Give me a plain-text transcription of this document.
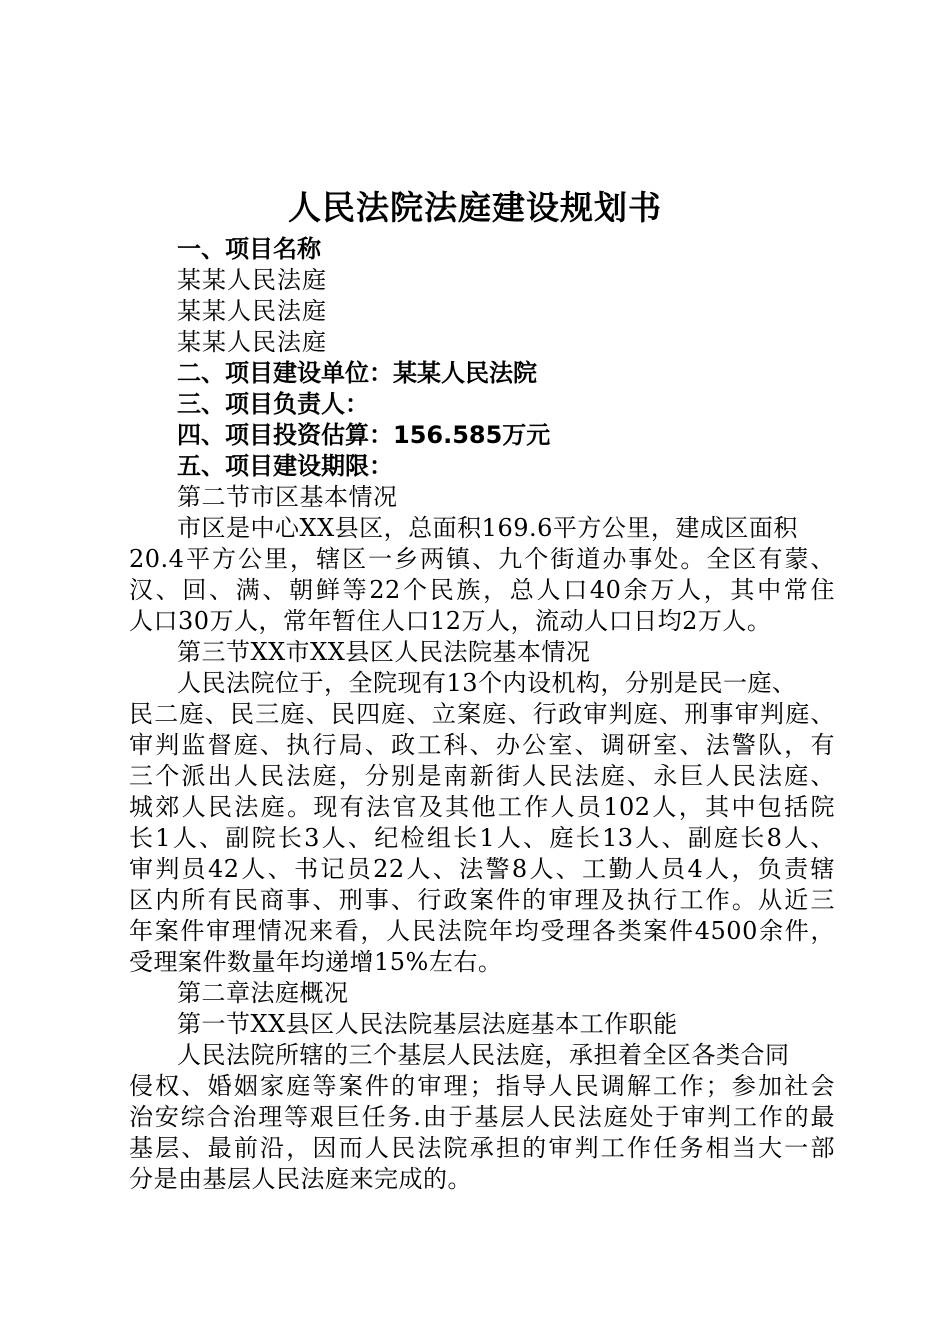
人民法院法庭建设规划书
一、项目名称
某某人民法庭
某某人民法庭
某某人民法庭
二、项目建设单位：某某人民法院
三、项目负责人：
四、项目投资估算：156.585万元
五、项目建设期限：
第二节市区基本情况
市区是中心XX县区，总面积169.6平方公里，建成区面积
20.4平方公里，辖区一乡两镇、九个街道办事处。全区有蒙、
汉、回、满、朝鲜等22个民族，总人口40余万人，其中常住
人口30万人，常年暂住人口12万人，流动人口日均2万人。
第三节XX市XX县区人民法院基本情况
人民法院位于，全院现有13个内设机构，分别是民一庭、
民二庭、民三庭、民四庭、立案庭、行政审判庭、刑事审判庭、
审判监督庭、执行局、政工科、办公室、调研室、法警队，有
三个派出人民法庭，分别是南新街人民法庭、永巨人民法庭、
城郊人民法庭。现有法官及其他工作人员102人，其中包括院
长1人、副院长3人、纪检组长1人、庭长13人、副庭长8人、
审判员42人、书记员22人、法警8人、工勤人员4人，负责辖
区内所有民商事、刑事、行政案件的审理及执行工作。从近三
年案件审理情况来看，人民法院年均受理各类案件4500余件，
受理案件数量年均递增15%左右。
第二章法庭概况
第一节XX县区人民法院基层法庭基本工作职能
人民法院所辖的三个基层人民法庭，承担着全区各类合同
侵权、婚姻家庭等案件的审理；指导人民调解工作；参加社会
治安综合治理等艰巨任务.由于基层人民法庭处于审判工作的最
基层、最前沿，因而人民法院承担的审判工作任务相当大一部
分是由基层人民法庭来完成的。
